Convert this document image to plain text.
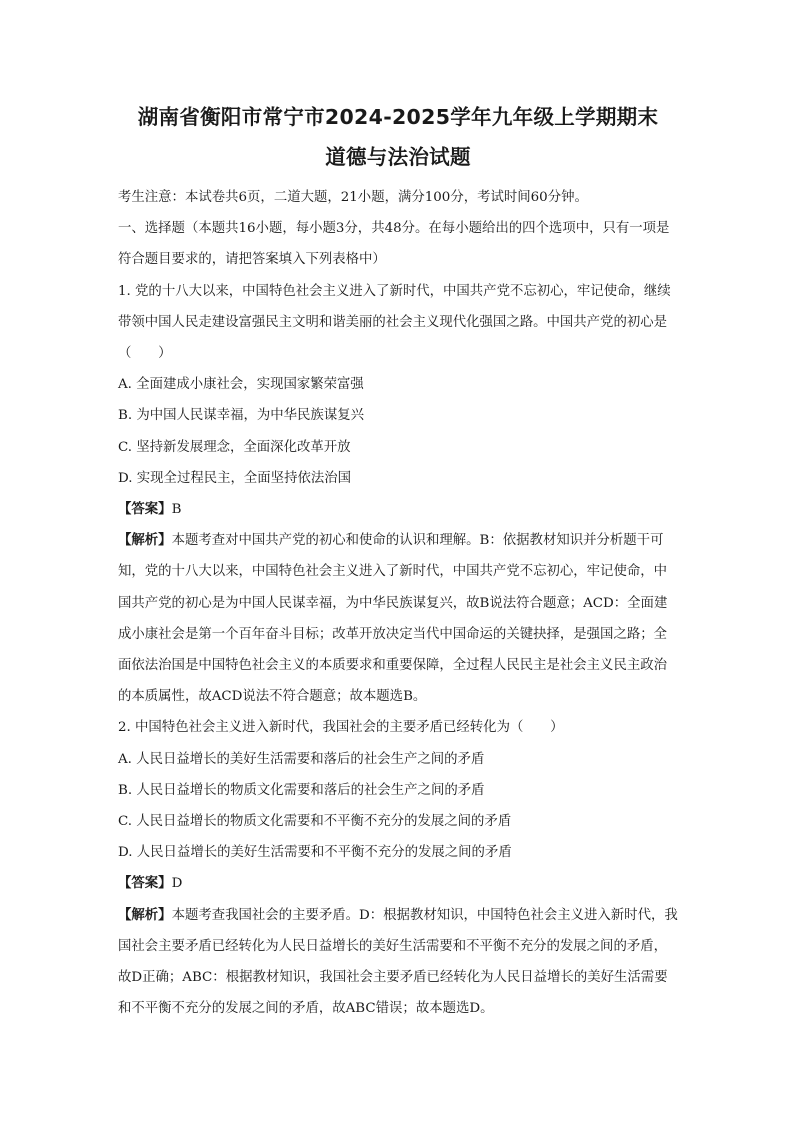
湖南省衡阳市常宁市2024-2025学年九年级上学期期末
道德与法治试题

考生注意：本试卷共6页，二道大题，21小题，满分100分，考试时间60分钟。

一、选择题（本题共16小题，每小题3分，共48分。在每小题给出的四个选项中，只有一项是符合题目要求的，请把答案填入下列表格中）

1. 党的十八大以来，中国特色社会主义进入了新时代，中国共产党不忘初心，牢记使命，继续带领中国人民走建设富强民主文明和谐美丽的社会主义现代化强国之路。中国共产党的初心是（　　）

A. 全面建成小康社会，实现国家繁荣富强

B. 为中国人民谋幸福，为中华民族谋复兴

C. 坚持新发展理念，全面深化改革开放

D. 实现全过程民主，全面坚持依法治国

【答案】B

【解析】本题考查对中国共产党的初心和使命的认识和理解。B：依据教材知识并分析题干可知，党的十八大以来，中国特色社会主义进入了新时代，中国共产党不忘初心，牢记使命，中国共产党的初心是为中国人民谋幸福，为中华民族谋复兴，故B说法符合题意；ACD：全面建成小康社会是第一个百年奋斗目标；改革开放决定当代中国命运的关键抉择，是强国之路；全面依法治国是中国特色社会主义的本质要求和重要保障，全过程人民民主是社会主义民主政治的本质属性，故ACD说法不符合题意；故本题选B。

2. 中国特色社会主义进入新时代，我国社会的主要矛盾已经转化为（　　）

A. 人民日益增长的美好生活需要和落后的社会生产之间的矛盾

B. 人民日益增长的物质文化需要和落后的社会生产之间的矛盾

C. 人民日益增长的物质文化需要和不平衡不充分的发展之间的矛盾

D. 人民日益增长的美好生活需要和不平衡不充分的发展之间的矛盾

【答案】D

【解析】本题考查我国社会的主要矛盾。D：根据教材知识，中国特色社会主义进入新时代，我国社会主要矛盾已经转化为人民日益增长的美好生活需要和不平衡不充分的发展之间的矛盾，故D正确；ABC：根据教材知识，我国社会主要矛盾已经转化为人民日益增长的美好生活需要和不平衡不充分的发展之间的矛盾，故ABC错误；故本题选D。
